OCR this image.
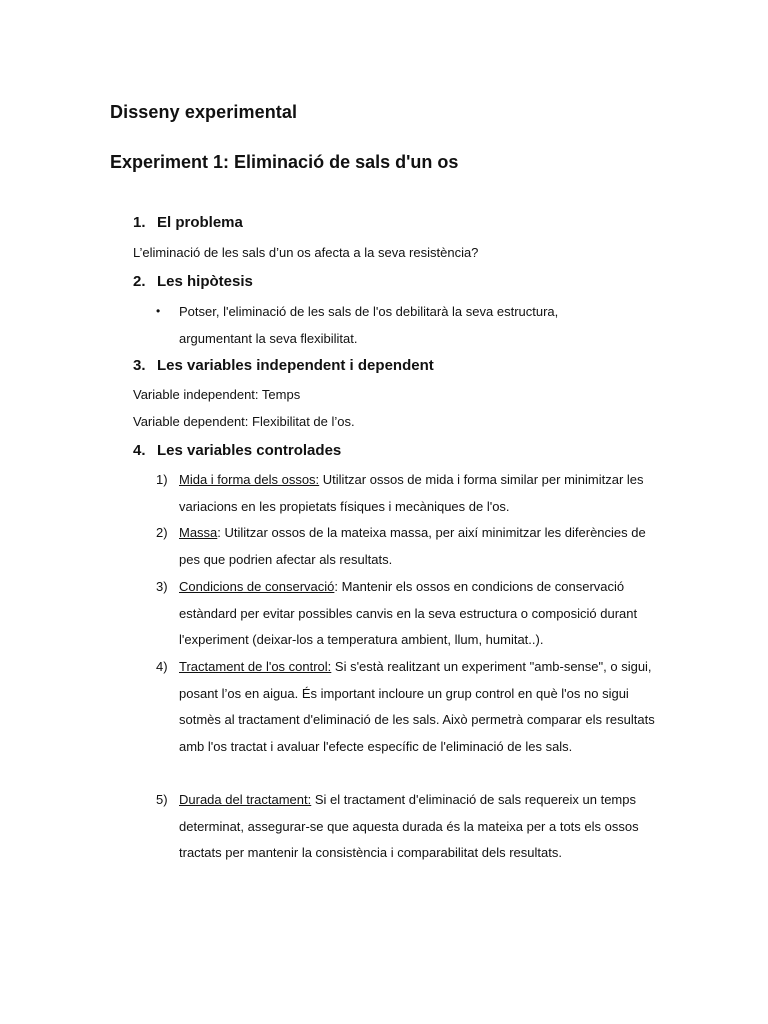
Disseny experimental
Experiment 1: Eliminació de sals d'un os
1. El problema
L’eliminació de les sals d’un os afecta a la seva resistència?
2. Les hipòtesis
• Potser, l'eliminació de les sals de l'os debilitarà la seva estructura, argumentant la seva flexibilitat.
3. Les variables independent i dependent
Variable independent: Temps
Variable dependent: Flexibilitat de l’os.
4. Les variables controlades
1) Mida i forma dels ossos: Utilitzar ossos de mida i forma similar per minimitzar les variacions en les propietats físiques i mecàniques de l'os.
2) Massa: Utilitzar ossos de la mateixa massa, per així minimitzar les diferències de pes que podrien afectar als resultats.
3) Condicions de conservació: Mantenir els ossos en condicions de conservació estàndard per evitar possibles canvis en la seva estructura o composició durant l'experiment (deixar-los a temperatura ambient, llum, humitat..).
4) Tractament de l'os control: Si s'està realitzant un experiment "amb-sense", o sigui, posant l’os en aigua. És important incloure un grup control en què l'os no sigui sotmès al tractament d'eliminació de les sals. Això permetrà comparar els resultats amb l'os tractat i avaluar l'efecte específic de l'eliminació de les sals.
5) Durada del tractament: Si el tractament d'eliminació de sals requereix un temps determinat, assegurar-se que aquesta durada és la mateixa per a tots els ossos tractats per mantenir la consistència i comparabilitat dels resultats.
